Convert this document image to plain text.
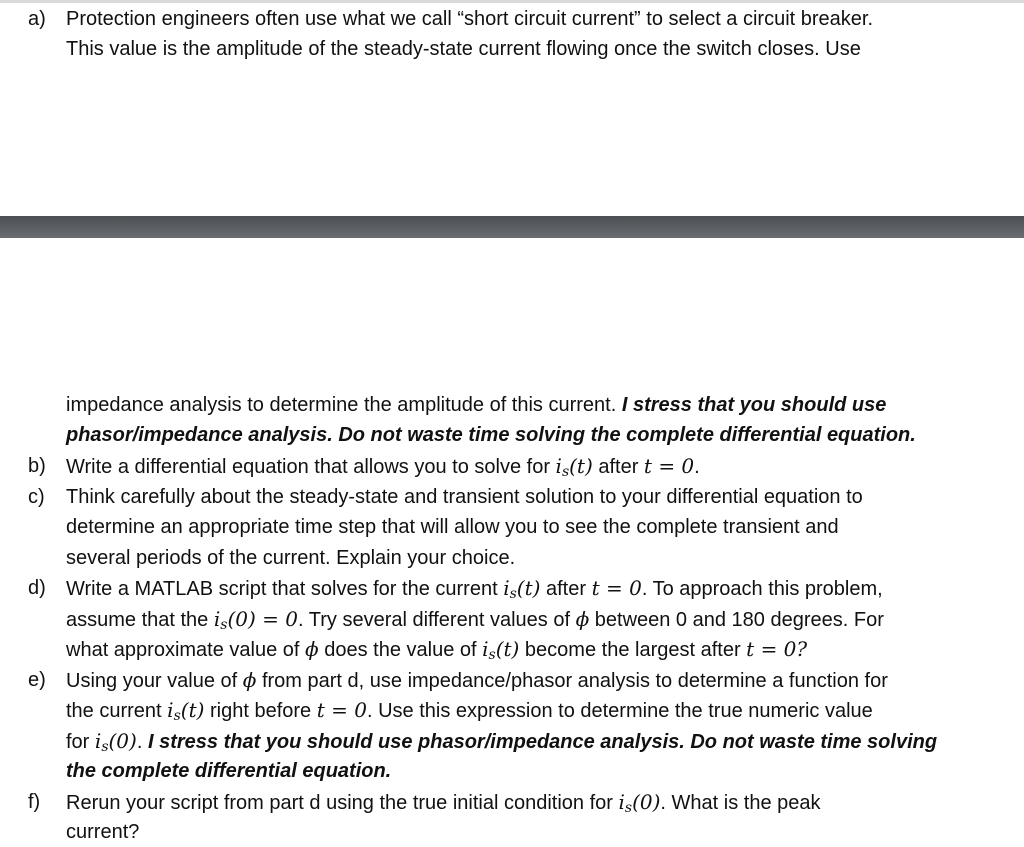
a) Protection engineers often use what we call “short circuit current” to select a circuit breaker.
This value is the amplitude of the steady-state current flowing once the switch closes. Use
impedance analysis to determine the amplitude of this current. I stress that you should use
phasor/impedance analysis. Do not waste time solving the complete differential equation.
b) Write a differential equation that allows you to solve for $i_s(t)$ after t = 0.
c) Think carefully about the steady-state and transient solution to your differential equation to
determine an appropriate time step that will allow you to see the complete transient and
several periods of the current. Explain your choice.
d) Write a MATLAB script that solves for the current $i_s(t)$ after t = 0. To approach this problem,
assume that the $i_s(0) = 0$. Try several different values of ϕ between 0 and 180 degrees. For
what approximate value of ϕ does the value of $i_s(t)$ become the largest after t = 0?
e) Using your value of ϕ from part d, use impedance/phasor analysis to determine a function for
the current $i_s(t)$ right before t = 0. Use this expression to determine the true numeric value
for $i_s(0)$. I stress that you should use phasor/impedance analysis. Do not waste time solving
the complete differential equation.
f) Rerun your script from part d using the true initial condition for $i_s(0)$. What is the peak
current?
